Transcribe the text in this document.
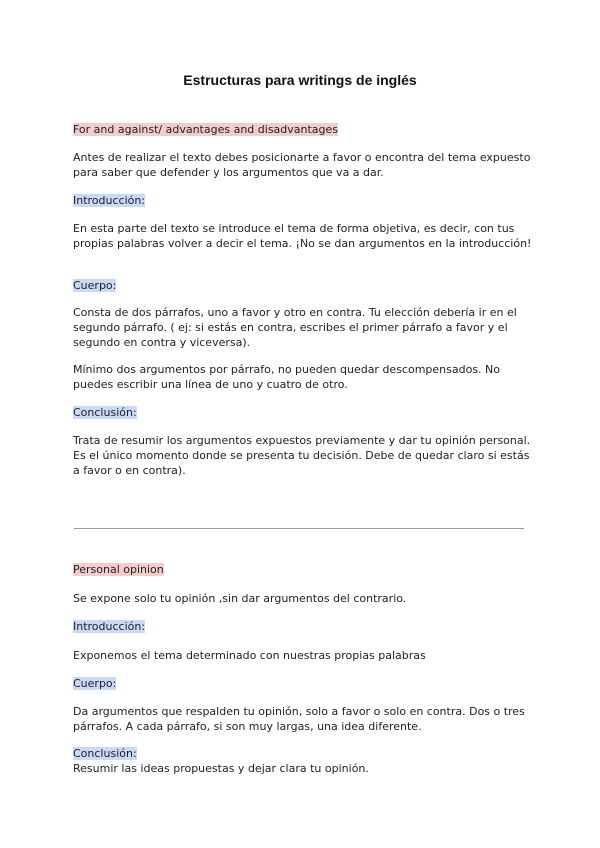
Estructuras para writings de inglés
For and against/ advantages and disadvantages
Antes de realizar el texto debes posicionarte a favor o encontra del tema expuesto para saber que defender y los argumentos que va a dar.
Introducción:
En esta parte del texto se introduce el tema de forma objetiva, es decir, con tus propias palabras volver a decir el tema. ¡No se dan argumentos en la introducción!
Cuerpo:
Consta de dos párrafos, uno a favor y otro en contra. Tu elección debería ir en el segundo párrafo. ( ej: si estás en contra, escribes el primer párrafo a favor y el segundo en contra y viceversa).
Mínimo dos argumentos por párrafo, no pueden quedar descompensados. No puedes escribir una línea de uno y cuatro de otro.
Conclusión:
Trata de resumir los argumentos expuestos previamente y dar tu opinión personal. Es el único momento donde se presenta tu decisión. Debe de quedar claro si estás a favor o en contra).
Personal opinion
Se expone solo tu opinión ,sin dar argumentos del contrario.
Introducción:
Exponemos el tema determinado con nuestras propias palabras
Cuerpo:
Da argumentos que respalden tu opinión, solo a favor o solo en contra. Dos o tres párrafos. A cada párrafo, si son muy largas, una idea diferente.
Conclusión:
Resumir las ideas propuestas y dejar clara tu opinión.
